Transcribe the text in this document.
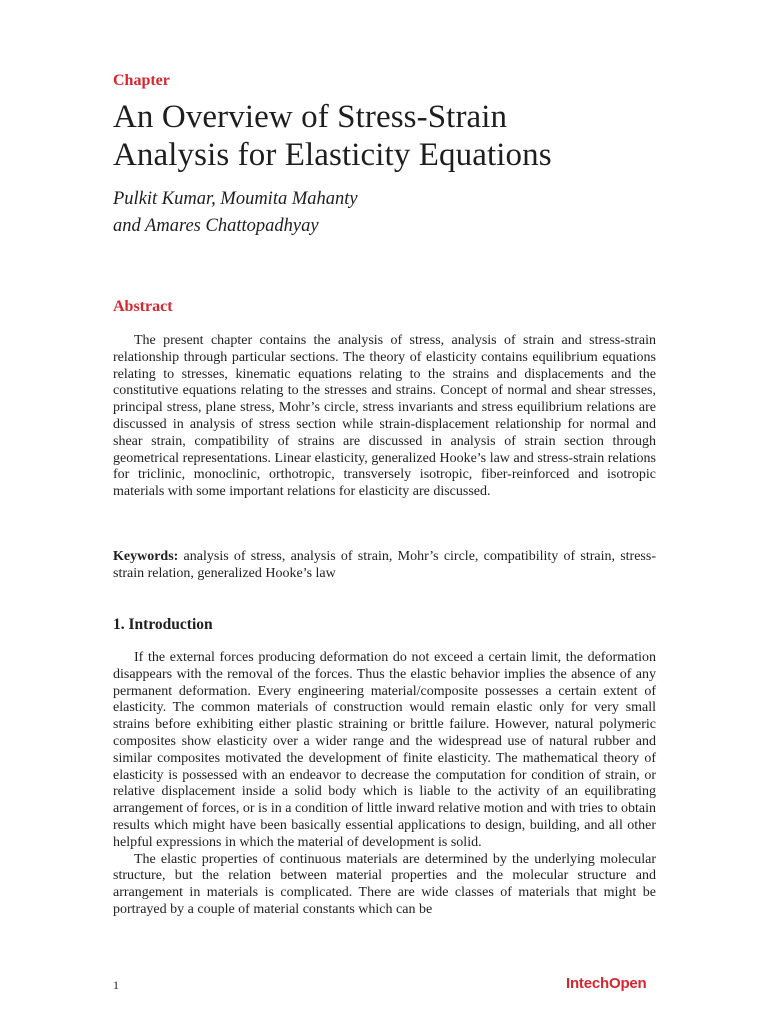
Chapter
An Overview of Stress-Strain
Analysis for Elasticity Equations
Pulkit Kumar, Moumita Mahanty
and Amares Chattopadhyay
Abstract

The present chapter contains the analysis of stress, analysis of strain and stress-strain relationship through particular sections. The theory of elasticity contains equilibrium equations relating to stresses, kinematic equations relating to the strains and displacements and the constitutive equations relating to the stresses and strains. Concept of normal and shear stresses, principal stress, plane stress, Mohr’s circle, stress invariants and stress equilibrium relations are discussed in analysis of stress section while strain-displacement relationship for normal and shear strain, compatibility of strains are discussed in analysis of strain section through geometrical representations. Linear elasticity, generalized Hooke’s law and stress-strain relations for triclinic, monoclinic, orthotropic, transversely isotropic, fiber-reinforced and isotropic materials with some important relations for elasticity are discussed.

Keywords: analysis of stress, analysis of strain, Mohr’s circle, compatibility of strain, stress-strain relation, generalized Hooke’s law
1. Introduction

If the external forces producing deformation do not exceed a certain limit, the deformation disappears with the removal of the forces. Thus the elastic behavior implies the absence of any permanent deformation. Every engineering material/composite possesses a certain extent of elasticity. The common materials of construction would remain elastic only for very small strains before exhibiting either plastic straining or brittle failure. However, natural polymeric composites show elasticity over a wider range and the widespread use of natural rubber and similar composites motivated the development of finite elasticity. The mathematical theory of elasticity is possessed with an endeavor to decrease the computation for condition of strain, or relative displacement inside a solid body which is liable to the activity of an equilibrating arrangement of forces, or is in a condition of little inward relative motion and with tries to obtain results which might have been basically essential applications to design, building, and all other helpful expressions in which the material of development is solid.

The elastic properties of continuous materials are determined by the underlying molecular structure, but the relation between material properties and the molecular structure and arrangement in materials is complicated. There are wide classes of materials that might be portrayed by a couple of material constants which can be

1	IntechOpen
